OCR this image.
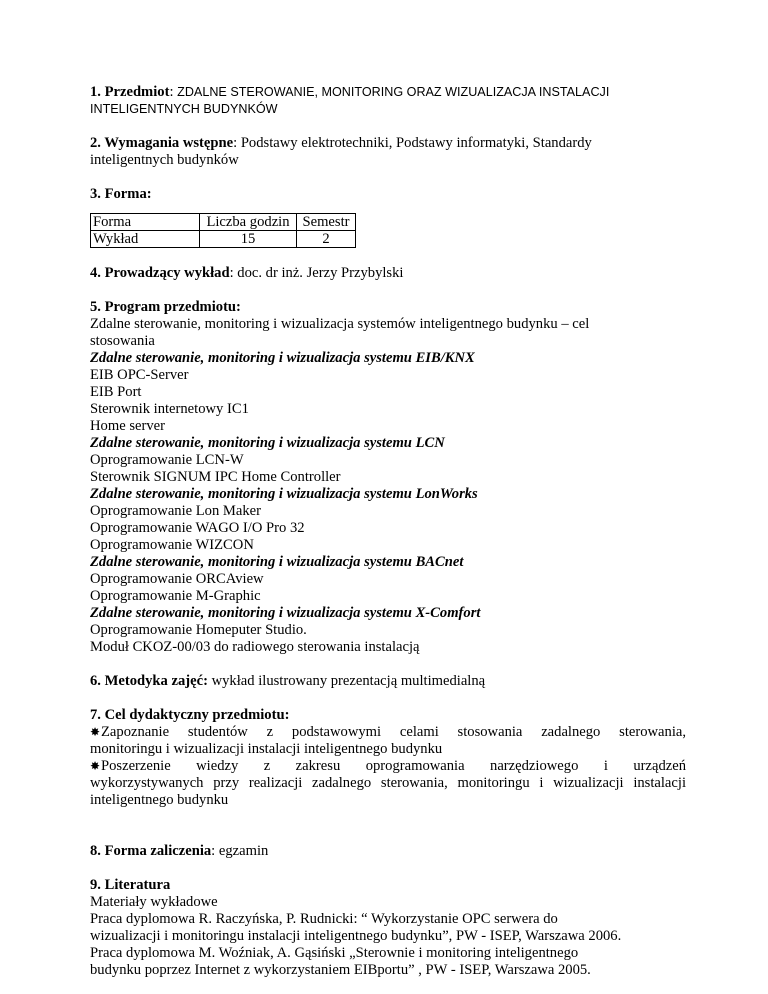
1. Przedmiot: ZDALNE STEROWANIE, MONITORING ORAZ WIZUALIZACJA INSTALACJI
INTELIGENTNYCH BUDYNKÓW
2. Wymagania wstępne: Podstawy elektrotechniki, Podstawy informatyki, Standardy
inteligentnych budynków
3. Forma:
Forma	Liczba godzin	Semestr
Wykład	15	2
4. Prowadzący wykład: doc. dr inż. Jerzy Przybylski
5. Program przedmiotu:
Zdalne sterowanie, monitoring i wizualizacja systemów inteligentnego budynku – cel
stosowania
Zdalne sterowanie, monitoring i wizualizacja systemu EIB/KNX
EIB OPC-Server
EIB Port
Sterownik internetowy IC1
Home server
Zdalne sterowanie, monitoring i wizualizacja systemu LCN
Oprogramowanie LCN-W
Sterownik SIGNUM IPC Home Controller
Zdalne sterowanie, monitoring i wizualizacja systemu LonWorks
Oprogramowanie Lon Maker
Oprogramowanie WAGO I/O Pro 32
Oprogramowanie WIZCON
Zdalne sterowanie, monitoring i wizualizacja systemu BACnet
Oprogramowanie ORCAview
Oprogramowanie M-Graphic
Zdalne sterowanie, monitoring i wizualizacja systemu X-Comfort
Oprogramowanie Homeputer Studio.
Moduł CKOZ-00/03 do radiowego sterowania instalacją
6. Metodyka zajęć: wykład ilustrowany prezentacją multimedialną
7. Cel dydaktyczny przedmiotu:
✸Zapoznanie studentów z podstawowymi celami stosowania zadalnego sterowania,
monitoringu i wizualizacji instalacji inteligentnego budynku
✸Poszerzenie wiedzy z zakresu oprogramowania narzędziowego i urządzeń
wykorzystywanych przy realizacji zadalnego sterowania, monitoringu i wizualizacji instalacji
inteligentnego budynku
8. Forma zaliczenia: egzamin
9. Literatura
Materiały wykładowe
Praca dyplomowa R. Raczyńska, P. Rudnicki: “ Wykorzystanie OPC serwera do
wizualizacji i monitoringu instalacji inteligentnego budynku”, PW - ISEP, Warszawa 2006.
Praca dyplomowa M. Woźniak, A. Gąsiński „Sterownie i monitoring inteligentnego
budynku poprzez Internet z wykorzystaniem EIBportu” , PW - ISEP, Warszawa 2005.
